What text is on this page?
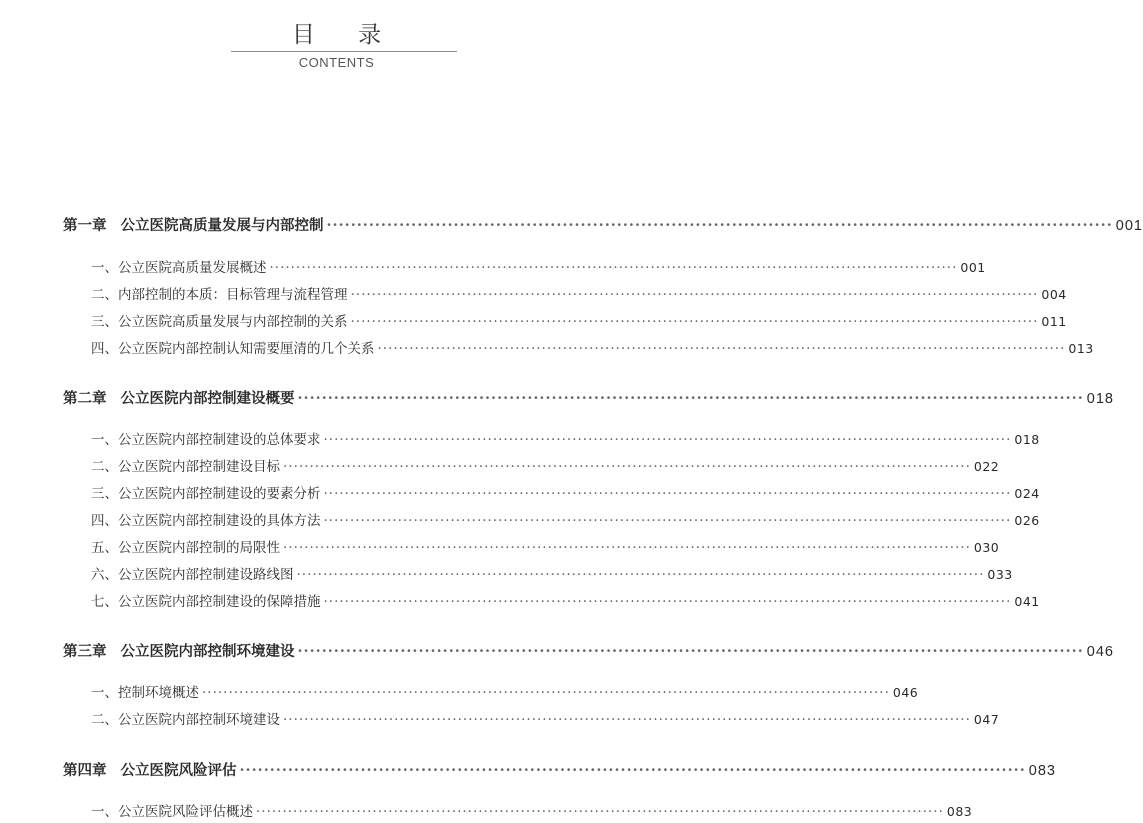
目 录
CONTENTS
第一章 公立医院高质量发展与内部控制 ·································································································································· 001
一、公立医院高质量发展概述 ·································································································································· 001
二、内部控制的本质：目标管理与流程管理 ·································································································································· 004
三、公立医院高质量发展与内部控制的关系 ·································································································································· 011
四、公立医院内部控制认知需要厘清的几个关系 ·································································································································· 013
第二章 公立医院内部控制建设概要 ·································································································································· 018
一、公立医院内部控制建设的总体要求 ·································································································································· 018
二、公立医院内部控制建设目标 ·································································································································· 022
三、公立医院内部控制建设的要素分析 ·································································································································· 024
四、公立医院内部控制建设的具体方法 ·································································································································· 026
五、公立医院内部控制的局限性 ·································································································································· 030
六、公立医院内部控制建设路线图 ·································································································································· 033
七、公立医院内部控制建设的保障措施 ·································································································································· 041
第三章 公立医院内部控制环境建设 ·································································································································· 046
一、控制环境概述 ·································································································································· 046
二、公立医院内部控制环境建设 ·································································································································· 047
第四章 公立医院风险评估 ·································································································································· 083
一、公立医院风险评估概述 ·································································································································· 083
